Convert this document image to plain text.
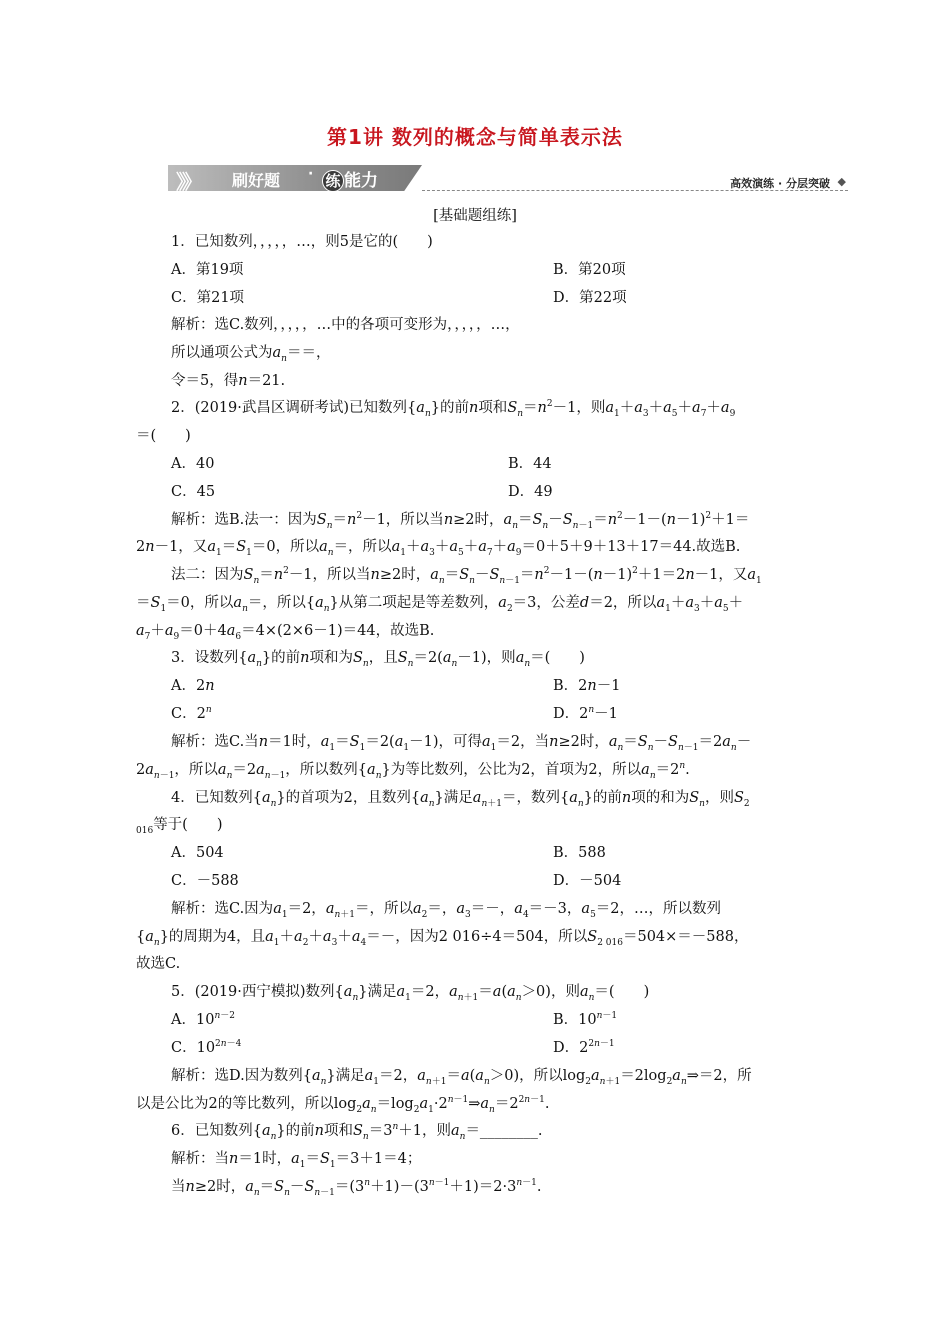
第1讲 数列的概念与简单表示法
》》 刷好题 · 练 能力	高效演练 · 分层突破 ◆
[基础题组练]
1．已知数列，，，，，…，则5是它的(　　)
A．第19项	B．第20项
C．第21项	D．第22项
解析：选C.数列，，，，，…中的各项可变形为，，，，，…，
所以通项公式为$a_n==$，
令＝5，得n＝21.
2．(2019·武昌区调研考试)已知数列$\{a_n\}$的前n项和$S_n=n^2-1$，则$a_1+a_3+a_5+a_7+a_9$
＝(　　)
A．40	B．44
C．45	D．49
解析：选B.法一：因为$S_n=n^2-1$，所以当n≥2时，$a_n=S_n-S_{n-1}=n^2-1-(n-1)^2+1=$
2n－1，又$a_1=S_1=0$，所以$a_n=$，所以$a_1+a_3+a_5+a_7+a_9=0+5+9+13+17=44$.故选B.
法二：因为$S_n=n^2-1$，所以当n≥2时，$a_n=S_n-S_{n-1}=n^2-1-(n-1)^2+1=2n-1$，又$a_1$
$=S_1=0$，所以$a_n=$，所以$\{a_n\}$从第二项起是等差数列，$a_2=3$，公差d＝2，所以$a_1+a_3+a_5+$
$a_7+a_9=0+4a_6=4\times(2\times 6-1)=44$，故选B.
3．设数列$\{a_n\}$的前n项和为$S_n$，且$S_n=2(a_n-1)$，则$a_n=$(　　)
A．2n	B．2n－1
C．2$^n$	D．$2^n-1$
解析：选C.当n＝1时，$a_1=S_1=2(a_1-1)$，可得$a_1=2$，当n≥2时，$a_n=S_n-S_{n-1}=2a_n-$
$2a_{n-1}$，所以$a_n=2a_{n-1}$，所以数列$\{a_n\}$为等比数列，公比为2，首项为2，所以$a_n=2^n$.
4．已知数列$\{a_n\}$的首项为2，且数列$\{a_n\}$满足$a_{n+1}=$，数列$\{a_n\}$的前n项的和为$S_n$，则$S_2$
$_{016}$等于(　　)
A．504	B．588
C．－588	D．－504
解析：选C.因为$a_1=2$，$a_{n+1}=$，所以$a_2=$，$a_3=-$，$a_4=-3$，$a_5=2$，…，所以数列
$\{a_n\}$的周期为4，且$a_1+a_2+a_3+a_4=-$，因为2 016÷4＝504，所以$S_{2 016}=504\times=-588$，
故选C.
5．(2019·西宁模拟)数列$\{a_n\}$满足$a_1=2$，$a_{n+1}=a(a_n>0)$，则$a_n=$(　　)
A．$10^{n-2}$	B．$10^{n-1}$
C．$10^{2n-4}$	D．$2^{2n-1}$
解析：选D.因为数列$\{a_n\}$满足$a_1=2$，$a_{n+1}=a(a_n>0)$，所以$\log_2a_{n+1}=2\log_2a_n\Rightarrow=2$，所
以是公比为2的等比数列，所以$\log_2a_n=\log_2a_1\cdot 2^{n-1}\Rightarrow a_n=2^{2n-1}$.
6．已知数列$\{a_n\}$的前n项和$S_n=3^n+1$，则$a_n=\_\_\_\_\_\_\_\_$.
解析：当n＝1时，$a_1=S_1=3+1=4$；
当n≥2时，$a_n=S_n-S_{n-1}=(3^n+1)-(3^{n-1}+1)=2\cdot 3^{n-1}$.
